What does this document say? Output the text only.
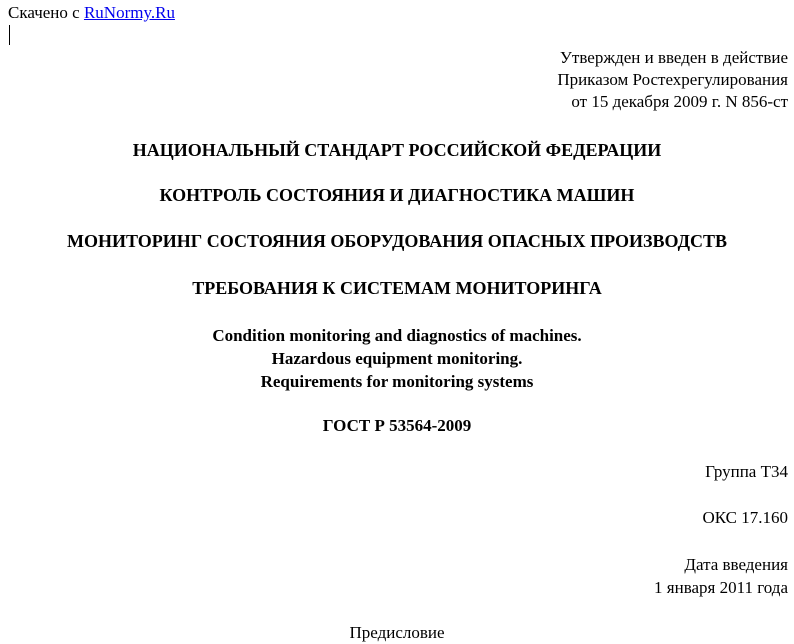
Скачено с RuNormy.Ru
Утвержден и введен в действие
Приказом Ростехрегулирования
от 15 декабря 2009 г. N 856-ст
НАЦИОНАЛЬНЫЙ СТАНДАРТ РОССИЙСКОЙ ФЕДЕРАЦИИ
КОНТРОЛЬ СОСТОЯНИЯ И ДИАГНОСТИКА МАШИН
МОНИТОРИНГ СОСТОЯНИЯ ОБОРУДОВАНИЯ ОПАСНЫХ ПРОИЗВОДСТВ
ТРЕБОВАНИЯ К СИСТЕМАМ МОНИТОРИНГА
Condition monitoring and diagnostics of machines.
Hazardous equipment monitoring.
Requirements for monitoring systems
ГОСТ Р 53564-2009
Группа Т34
ОКС 17.160
Дата введения
1 января 2011 года
Предисловие
